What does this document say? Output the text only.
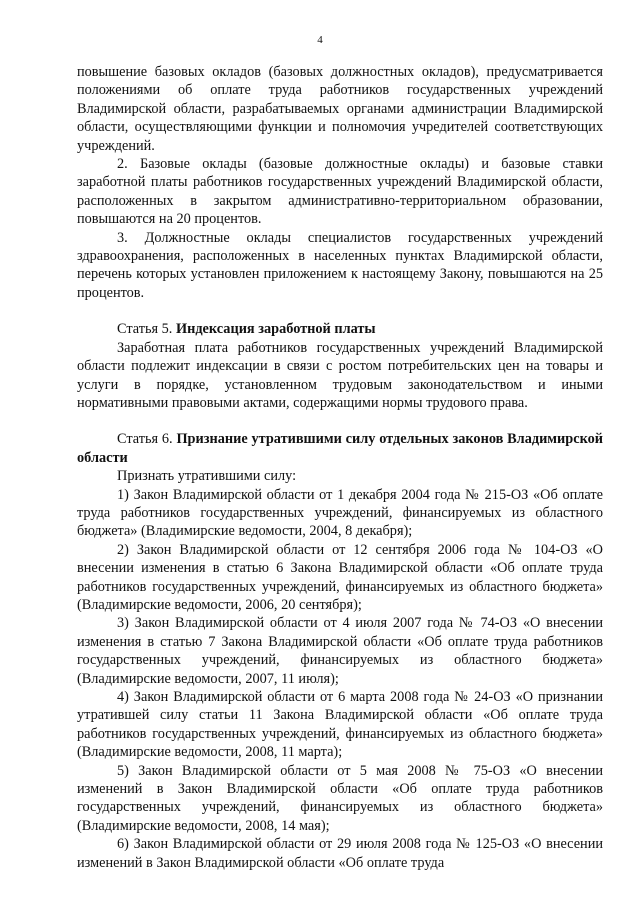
4

повышение базовых окладов (базовых должностных окладов), предусматривается положениями об оплате труда работников государственных учреждений Владимирской области, разрабатываемых органами администрации Владимирской области, осуществляющими функции и полномочия учредителей соответствующих учреждений.

2. Базовые оклады (базовые должностные оклады) и базовые ставки заработной платы работников государственных учреждений Владимирской области, расположенных в закрытом административно-территориальном образовании, повышаются на 20 процентов.

3. Должностные оклады специалистов государственных учреждений здравоохранения, расположенных в населенных пунктах Владимирской области, перечень которых установлен приложением к настоящему Закону, повышаются на 25 процентов.

Статья 5. Индексация заработной платы

Заработная плата работников государственных учреждений Владимирской области подлежит индексации в связи с ростом потребительских цен на товары и услуги в порядке, установленном трудовым законодательством и иными нормативными правовыми актами, содержащими нормы трудового права.

Статья 6. Признание утратившими силу отдельных законов Владимирской области

Признать утратившими силу:

1) Закон Владимирской области от 1 декабря 2004 года № 215-ОЗ «Об оплате труда работников государственных учреждений, финансируемых из областного бюджета» (Владимирские ведомости, 2004, 8 декабря);

2) Закон Владимирской области от 12 сентября 2006 года № 104-ОЗ «О внесении изменения в статью 6 Закона Владимирской области «Об оплате труда работников государственных учреждений, финансируемых из областного бюджета» (Владимирские ведомости, 2006, 20 сентября);

3) Закон Владимирской области от 4 июля 2007 года № 74-ОЗ «О внесении изменения в статью 7 Закона Владимирской области «Об оплате труда работников государственных учреждений, финансируемых из областного бюджета» (Владимирские ведомости, 2007, 11 июля);

4) Закон Владимирской области от 6 марта 2008 года № 24-ОЗ «О признании утратившей силу статьи 11 Закона Владимирской области «Об оплате труда работников государственных учреждений, финансируемых из областного бюджета» (Владимирские ведомости, 2008, 11 марта);

5) Закон Владимирской области от 5 мая 2008 № 75-ОЗ «О внесении изменений в Закон Владимирской области «Об оплате труда работников государственных учреждений, финансируемых из областного бюджета» (Владимирские ведомости, 2008, 14 мая);

6) Закон Владимирской области от 29 июля 2008 года № 125-ОЗ «О внесении изменений в Закон Владимирской области «Об оплате труда
